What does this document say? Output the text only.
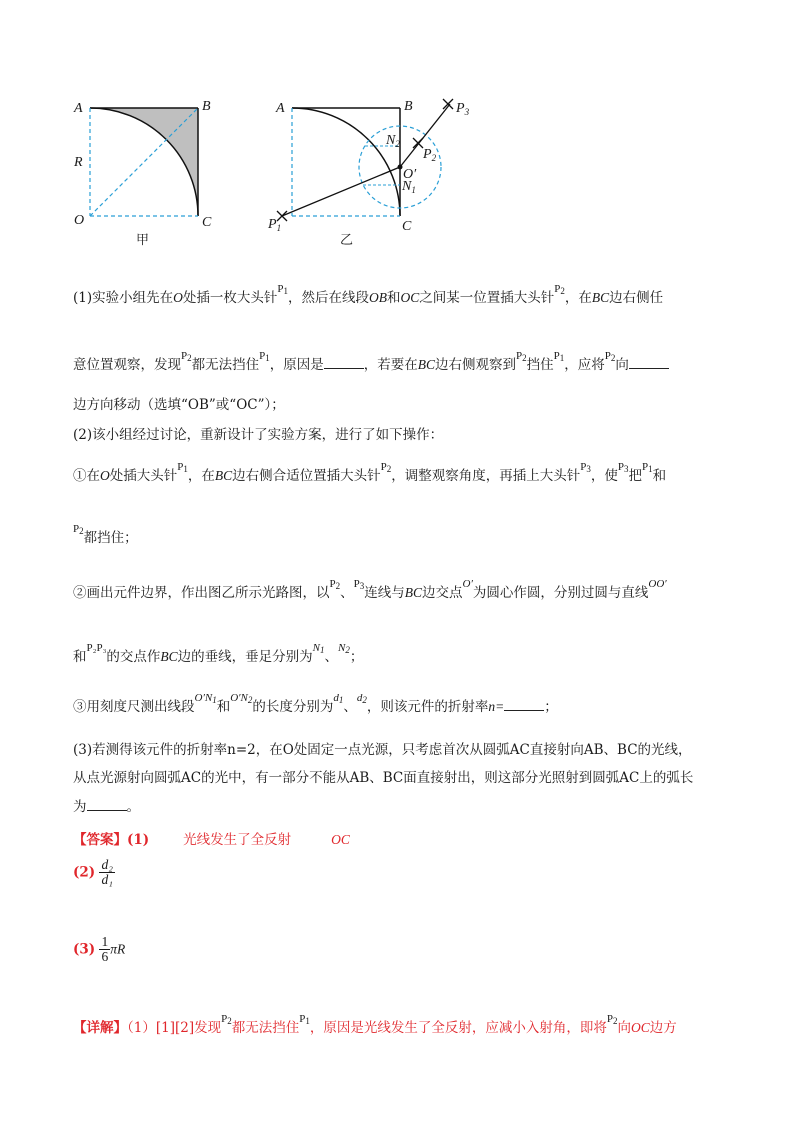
A	B
O	C
R
甲
A	B
C
$N_2$
$N_1$
O′
$P_1$
$P_2$
$P_3$
乙
(1)实验小组先在O处插一枚大头针$^{P_1}$，然后在线段OB和OC之间某一位置插大头针$^{P_2}$，在BC边右侧任
意位置观察，发现$^{P_2}$都无法挡住$^{P_1}$，原因是	，若要在BC边右侧观察到$^{P_2}$挡住$^{P_1}$，应将$^{P_2}$向
边方向移动（选填“OB”或“OC”）；
(2)该小组经过讨论，重新设计了实验方案，进行了如下操作：
①在O处插大头针$^{P_1}$，在BC边右侧合适位置插大头针$^{P_2}$，调整观察角度，再插上大头针$^{P_3}$，使$^{P_3}$把$^{P_1}$和
$^{P_2}$都挡住；
②画出元件边界，作出图乙所示光路图，以$^{P_2}$、$^{P_3}$连线与BC边交点$^{O'}$为圆心作圆，分别过圆与直线$^{OO'}$
和$^{P_2P_3}$的交点作BC边的垂线，垂足分别为$^{N_1}$、$^{N_2}$；
③用刻度尺测出线段$^{O'N_1}$和$^{O'N_2}$的长度分别为$^{d_1}$、$^{d_2}$，则该元件的折射率n=	；
(3)若测得该元件的折射率n=2，在O处固定一点光源，只考虑首次从圆弧AC直接射向AB、BC的光线，
从点光源射向圆弧AC的光中，有一部分不能从AB、BC面直接射出，则这部分光照射到圆弧AC上的弧长
为	。
【答案】(1)	光线发生了全反射	OC
$(2) \frac{\text{d₂}}{\text{d₁}}$
$(3) \frac{1}{6}$ πR
【详解】（1）[1][2]发现$^{P_2}$都无法挡住$^{P_1}$，原因是光线发生了全反射，应减小入射角，即将$^{P_2}$向OC边方
